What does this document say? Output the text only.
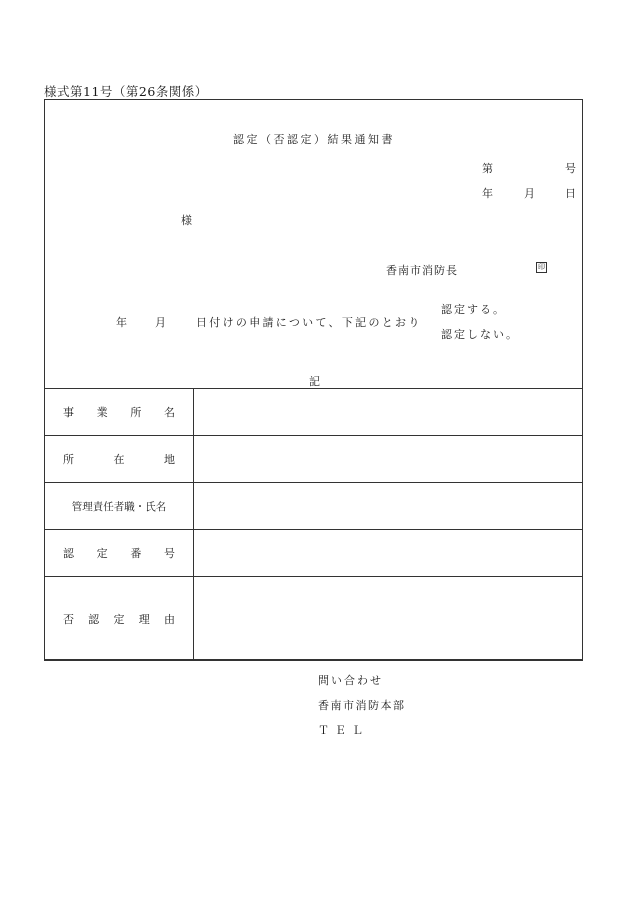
様式第11号（第26条関係）
認定（否認定）結果通知書
第	号
年	月	日
様
香南市消防長	印
年	月	日付けの申請について、下記のとおり
認定する。
認定しない。
記
事 業 所 名	

所 在 地	

管理責任者職・氏名	

認 定 番 号	

否 認 定 理 由	

問い合わせ
香南市消防本部
ＴＥＬ
